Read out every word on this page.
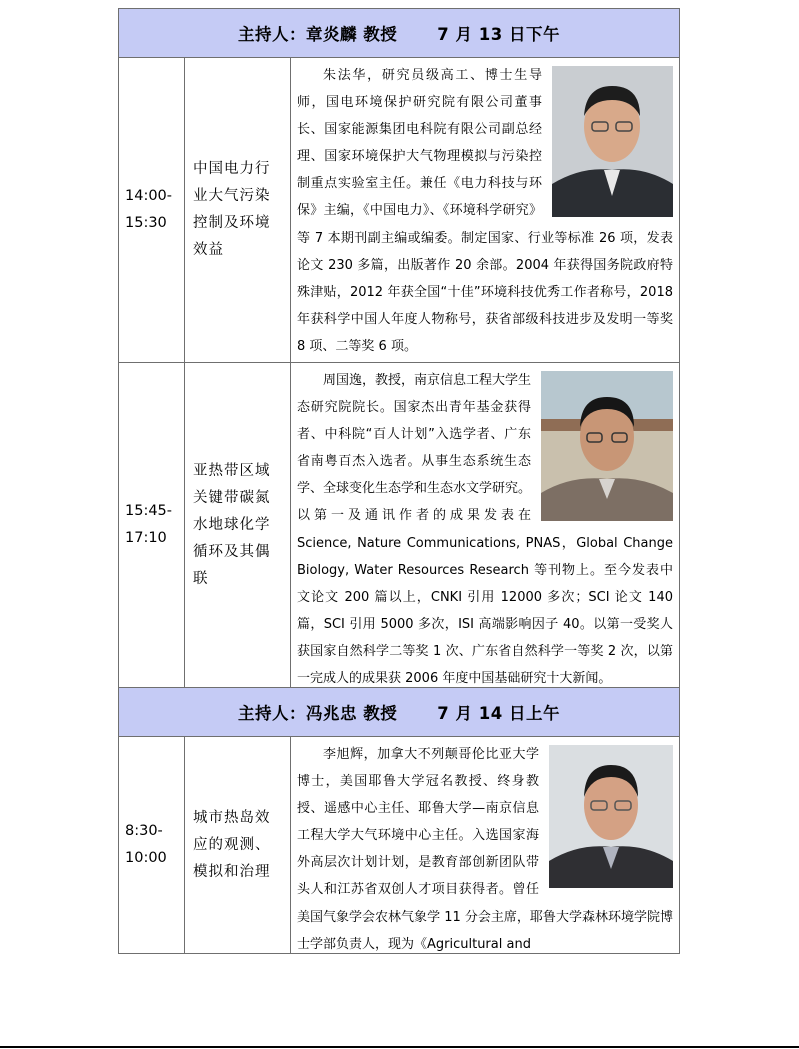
主持人：章炎麟 教授 7 月 13 日下午
14:00-
15:30
中国电力行业大气污染控制及环境效益

朱法华，研究员级高工、博士生导师，国电环境保护研究院有限公司董事长、国家能源集团电科院有限公司副总经理、国家环境保护大气物理模拟与污染控制重点实验室主任。兼任《电力科技与环保》主编，《中国电力》、《环境科学研究》等 7 本期刊副主编或编委。制定国家、行业等标准 26 项，发表论文 230 多篇，出版著作 20 余部。2004 年获得国务院政府特殊津贴，2012 年获全国“十佳”环境科技优秀工作者称号，2018 年获科学中国人年度人物称号，获省部级科技进步及发明一等奖 8 项、二等奖 6 项。

15:45-
17:10
亚热带区域关键带碳氮水地球化学循环及其偶联

周国逸，教授，南京信息工程大学生态研究院院长。国家杰出青年基金获得者、中科院“百人计划”入选学者、广东省南粤百杰入选者。从事生态系统生态学、全球变化生态学和生态水文学研究。以第一及通讯作者的成果发表在 Science, Nature Communications, PNAS，Global Change Biology, Water Resources Research 等刊物上。至今发表中文论文 200 篇以上，CNKI 引用 12000 多次；SCI 论文 140 篇，SCI 引用 5000 多次，ISI 高端影响因子 40。以第一受奖人获国家自然科学二等奖 1 次、广东省自然科学一等奖 2 次，以第一完成人的成果获 2006 年度中国基础研究十大新闻。

主持人：冯兆忠 教授 7 月 14 日上午
8:30-
10:00
城市热岛效应的观测、模拟和治理

李旭辉，加拿大不列颠哥伦比亚大学博士，美国耶鲁大学冠名教授、终身教授、遥感中心主任、耶鲁大学—南京信息工程大学大气环境中心主任。入选国家海外高层次计划计划，是教育部创新团队带头人和江苏省双创人才项目获得者。曾任美国气象学会农林气象学 11 分会主席，耶鲁大学森林环境学院博士学部负责人，现为《Agricultural and
